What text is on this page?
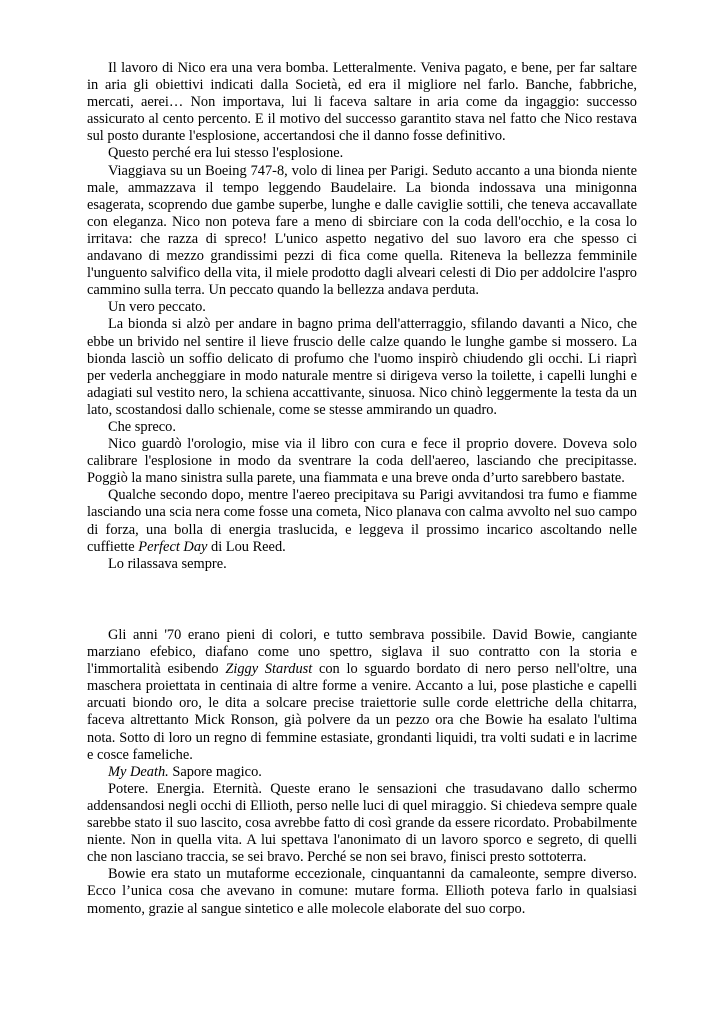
Il lavoro di Nico era una vera bomba. Letteralmente. Veniva pagato, e bene, per far saltare in aria gli obiettivi indicati dalla Società, ed era il migliore nel farlo. Banche, fabbriche, mercati, aerei… Non importava, lui li faceva saltare in aria come da ingaggio: successo assicurato al cento percento. E il motivo del successo garantito stava nel fatto che Nico restava sul posto durante l'esplosione, accertandosi che il danno fosse definitivo.

Questo perché era lui stesso l'esplosione.

Viaggiava su un Boeing 747-8, volo di linea per Parigi. Seduto accanto a una bionda niente male, ammazzava il tempo leggendo Baudelaire. La bionda indossava una minigonna esagerata, scoprendo due gambe superbe, lunghe e dalle caviglie sottili, che teneva accavallate con eleganza. Nico non poteva fare a meno di sbirciare con la coda dell'occhio, e la cosa lo irritava: che razza di spreco! L'unico aspetto negativo del suo lavoro era che spesso ci andavano di mezzo grandissimi pezzi di fica come quella. Riteneva la bellezza femminile l'unguento salvifico della vita, il miele prodotto dagli alveari celesti di Dio per addolcire l'aspro cammino sulla terra. Un peccato quando la bellezza andava perduta.

Un vero peccato.

La bionda si alzò per andare in bagno prima dell'atterraggio, sfilando davanti a Nico, che ebbe un brivido nel sentire il lieve fruscio delle calze quando le lunghe gambe si mossero. La bionda lasciò un soffio delicato di profumo che l'uomo inspirò chiudendo gli occhi. Li riaprì per vederla ancheggiare in modo naturale mentre si dirigeva verso la toilette, i capelli lunghi e adagiati sul vestito nero, la schiena accattivante, sinuosa. Nico chinò leggermente la testa da un lato, scostandosi dallo schienale, come se stesse ammirando un quadro.

Che spreco.

Nico guardò l'orologio, mise via il libro con cura e fece il proprio dovere. Doveva solo calibrare l'esplosione in modo da sventrare la coda dell'aereo, lasciando che precipitasse. Poggiò la mano sinistra sulla parete, una fiammata e una breve onda d’urto sarebbero bastate.

Qualche secondo dopo, mentre l'aereo precipitava su Parigi avvitandosi tra fumo e fiamme lasciando una scia nera come fosse una cometa, Nico planava con calma avvolto nel suo campo di forza, una bolla di energia traslucida, e leggeva il prossimo incarico ascoltando nelle cuffiette Perfect Day di Lou Reed.

Lo rilassava sempre.

Gli anni '70 erano pieni di colori, e tutto sembrava possibile. David Bowie, cangiante marziano efebico, diafano come uno spettro, siglava il suo contratto con la storia e l'immortalità esibendo Ziggy Stardust con lo sguardo bordato di nero perso nell'oltre, una maschera proiettata in centinaia di altre forme a venire. Accanto a lui, pose plastiche e capelli arcuati biondo oro, le dita a solcare precise traiettorie sulle corde elettriche della chitarra, faceva altrettanto Mick Ronson, già polvere da un pezzo ora che Bowie ha esalato l'ultima nota. Sotto di loro un regno di femmine estasiate, grondanti liquidi, tra volti sudati e in lacrime e cosce fameliche.

My Death. Sapore magico.

Potere. Energia. Eternità. Queste erano le sensazioni che trasudavano dallo schermo addensandosi negli occhi di Ellioth, perso nelle luci di quel miraggio. Si chiedeva sempre quale sarebbe stato il suo lascito, cosa avrebbe fatto di così grande da essere ricordato. Probabilmente niente. Non in quella vita. A lui spettava l'anonimato di un lavoro sporco e segreto, di quelli che non lasciano traccia, se sei bravo. Perché se non sei bravo, finisci presto sottoterra.

Bowie era stato un mutaforme eccezionale, cinquantanni da camaleonte, sempre diverso. Ecco l’unica cosa che avevano in comune: mutare forma. Ellioth poteva farlo in qualsiasi momento, grazie al sangue sintetico e alle molecole elaborate del suo corpo.
